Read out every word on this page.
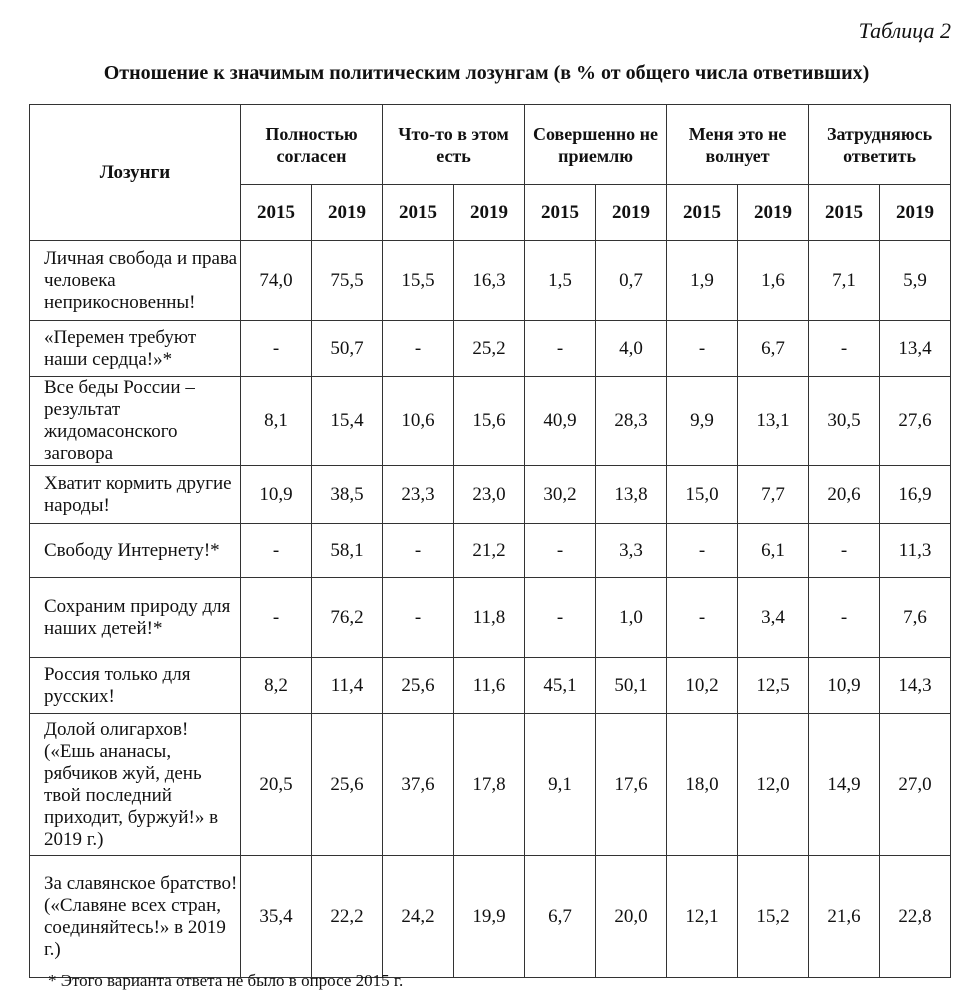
Таблица 2
Отношение к значимым политическим лозунгам (в % от общего числа ответивших)
Лозунги	Полностью согласен		Что-то в этом есть		Совершенно не приемлю		Меня это не волнует		Затрудняюсь ответить	
	2015	2019	2015	2019	2015	2019	2015	2019	2015	2019
Личная свобода и права человека неприкосновенны!	74,0	75,5	15,5	16,3	1,5	0,7	1,9	1,6	7,1	5,9
«Перемен требуют наши сердца!»*	-	50,7	-	25,2	-	4,0	-	6,7	-	13,4
Все беды России – результат жидомасонского заговора	8,1	15,4	10,6	15,6	40,9	28,3	9,9	13,1	30,5	27,6
Хватит кормить другие народы!	10,9	38,5	23,3	23,0	30,2	13,8	15,0	7,7	20,6	16,9
Свободу Интернету!*	-	58,1	-	21,2	-	3,3	-	6,1	-	11,3
Сохраним природу для наших детей!*	-	76,2	-	11,8	-	1,0	-	3,4	-	7,6
Россия только для русских!	8,2	11,4	25,6	11,6	45,1	50,1	10,2	12,5	10,9	14,3
Долой олигархов! («Ешь ананасы, рябчиков жуй, день твой последний приходит, буржуй!» в 2019 г.)	20,5	25,6	37,6	17,8	9,1	17,6	18,0	12,0	14,9	27,0
За славянское братство! («Славяне всех стран, соединяйтесь!» в 2019 г.)	35,4	22,2	24,2	19,9	6,7	20,0	12,1	15,2	21,6	22,8
* Этого варианта ответа не было в опросе 2015 г.
